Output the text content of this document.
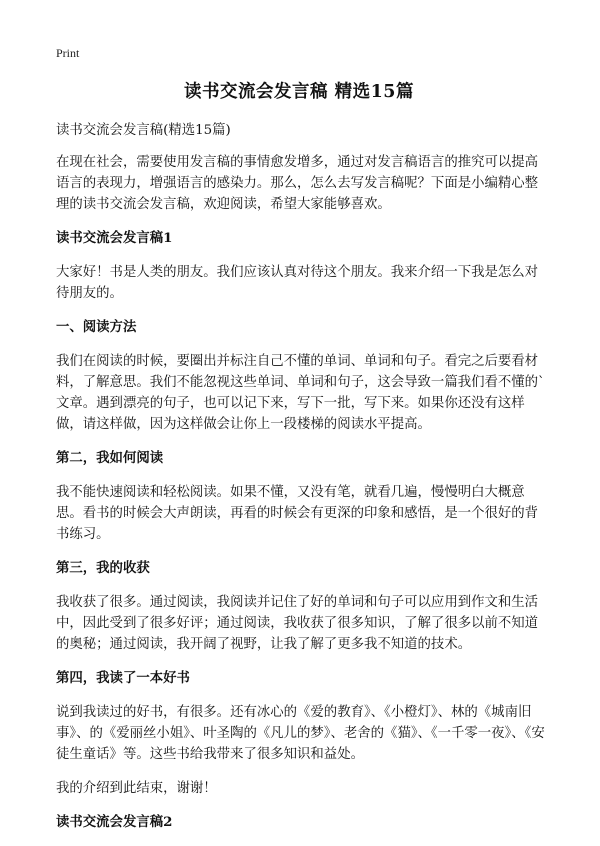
Print
读书交流会发言稿 精选15篇

读书交流会发言稿(精选15篇)

在现在社会，需要使用发言稿的事情愈发增多，通过对发言稿语言的推究可以提高语言的表现力，增强语言的感染力。那么，怎么去写发言稿呢？下面是小编精心整理的读书交流会发言稿，欢迎阅读，希望大家能够喜欢。

读书交流会发言稿1

大家好！书是人类的朋友。我们应该认真对待这个朋友。我来介绍一下我是怎么对待朋友的。

一、阅读方法

我们在阅读的时候，要圈出并标注自己不懂的单词、单词和句子。看完之后要看材料，了解意思。我们不能忽视这些单词、单词和句子，这会导致一篇我们看不懂的`文章。遇到漂亮的句子，也可以记下来，写下一批，写下来。如果你还没有这样做，请这样做，因为这样做会让你上一段楼梯的阅读水平提高。

第二，我如何阅读

我不能快速阅读和轻松阅读。如果不懂，又没有笔，就看几遍，慢慢明白大概意思。看书的时候会大声朗读，再看的时候会有更深的印象和感悟，是一个很好的背书练习。

第三，我的收获

我收获了很多。通过阅读，我阅读并记住了好的单词和句子可以应用到作文和生活中，因此受到了很多好评；通过阅读，我收获了很多知识，了解了很多以前不知道的奥秘；通过阅读，我开阔了视野，让我了解了更多我不知道的技术。

第四，我读了一本好书

说到我读过的好书，有很多。还有冰心的《爱的教育》、《小橙灯》、林的《城南旧事》、的《爱丽丝小姐》、叶圣陶的《凡儿的梦》、老舍的《猫》、《一千零一夜》、《安徒生童话》等。这些书给我带来了很多知识和益处。

我的介绍到此结束，谢谢！

读书交流会发言稿2
